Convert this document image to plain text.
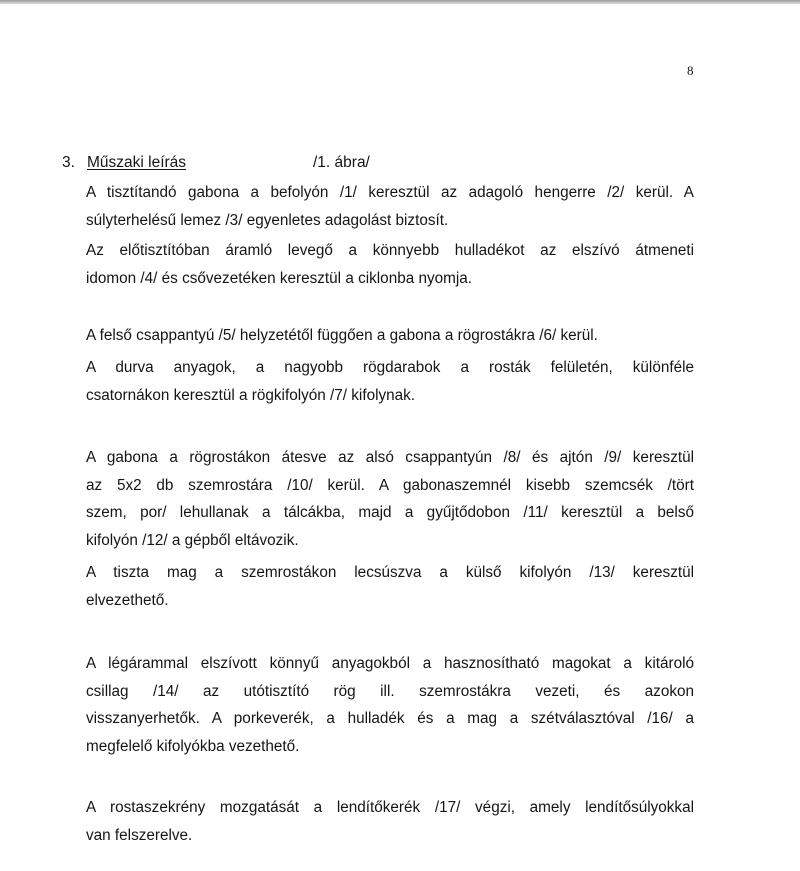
8
3. Műszaki leírás	/1. ábra/

A tisztítandó gabona a befolyón /1/ keresztül az adagoló hengerre /2/ kerül. A
súlyterhelésű lemez /3/ egyenletes adagolást biztosít.

Az előtisztítóban áramló levegő a könnyebb hulladékot az elszívó átmeneti
idomon /4/ és csővezetéken keresztül a ciklonba nyomja.

A felső csappantyú /5/ helyzetétől függően a gabona a rögrostákra /6/ kerül.

A durva anyagok, a nagyobb rögdarabok a rosták felületén, különféle
csatornákon keresztül a rögkifolyón /7/ kifolynak.

A gabona a rögrostákon átesve az alsó csappantyún /8/ és ajtón /9/ keresztül
az 5x2 db szemrostára /10/ kerül. A gabonaszemnél kisebb szemcsék /tört
szem, por/ lehullanak a tálcákba, majd a gyűjtődobon /11/ keresztül a belső
kifolyón /12/ a gépből eltávozik.

A tiszta mag a szemrostákon lecsúszva a külső kifolyón /13/ keresztül
elvezethető.

A légárammal elszívott könnyű anyagokból a hasznosítható magokat a kitároló
csillag /14/ az utótisztító rög ill. szemrostákra vezeti, és azokon
visszanyerhetők. A porkeverék, a hulladék és a mag a szétválasztóval /16/ a
megfelelő kifolyókba vezethető.

A rostaszekrény mozgatását a lendítőkerék /17/ végzi, amely lendítősúlyokkal
van felszerelve.
